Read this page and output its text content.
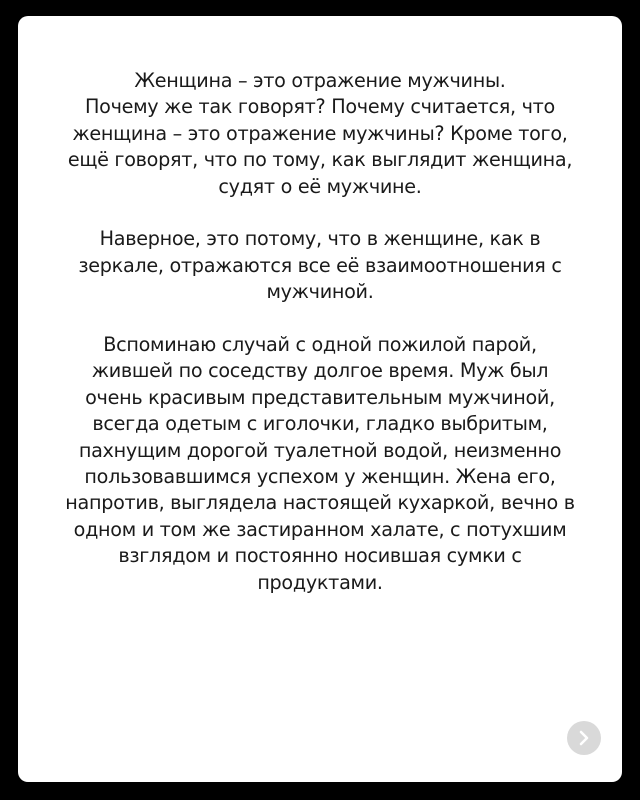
Женщина – это отражение мужчины.
Почему же так говорят? Почему считается, что
женщина – это отражение мужчины? Кроме того,
ещё говорят, что по тому, как выглядит женщина,
судят о её мужчине.

Наверное, это потому, что в женщине, как в
зеркале, отражаются все её взаимоотношения с
мужчиной.

Вспоминаю случай с одной пожилой парой,
жившей по соседству долгое время. Муж был
очень красивым представительным мужчиной,
всегда одетым с иголочки, гладко выбритым,
пахнущим дорогой туалетной водой, неизменно
пользовавшимся успехом у женщин. Жена его,
напротив, выглядела настоящей кухаркой, вечно в
одном и том же застиранном халате, с потухшим
взглядом и постоянно носившая сумки с
продуктами.
